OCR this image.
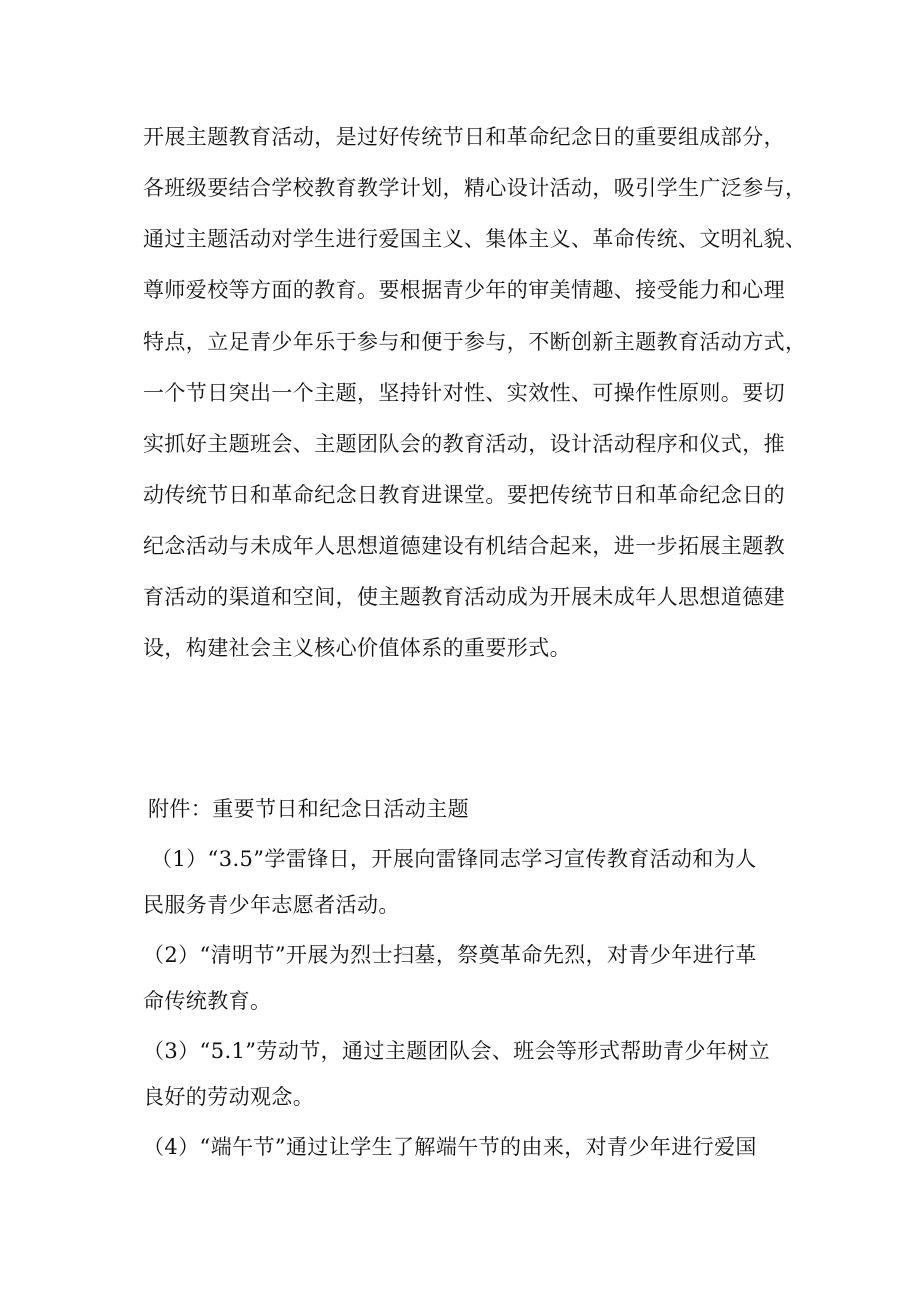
开展主题教育活动，是过好传统节日和革命纪念日的重要组成部分，
各班级要结合学校教育教学计划，精心设计活动，吸引学生广泛参与，
通过主题活动对学生进行爱国主义、集体主义、革命传统、文明礼貌、
尊师爱校等方面的教育。要根据青少年的审美情趣、接受能力和心理
特点，立足青少年乐于参与和便于参与，不断创新主题教育活动方式，
一个节日突出一个主题，坚持针对性、实效性、可操作性原则。要切
实抓好主题班会、主题团队会的教育活动，设计活动程序和仪式，推
动传统节日和革命纪念日教育进课堂。要把传统节日和革命纪念日的
纪念活动与未成年人思想道德建设有机结合起来，进一步拓展主题教
育活动的渠道和空间，使主题教育活动成为开展未成年人思想道德建
设，构建社会主义核心价值体系的重要形式。
附件：重要节日和纪念日活动主题
（1）“3.5”学雷锋日，开展向雷锋同志学习宣传教育活动和为人
民服务青少年志愿者活动。
（2）“清明节”开展为烈士扫墓，祭奠革命先烈，对青少年进行革
命传统教育。
（3）“5.1”劳动节，通过主题团队会、班会等形式帮助青少年树立
良好的劳动观念。
（4）“端午节”通过让学生了解端午节的由来，对青少年进行爱国
